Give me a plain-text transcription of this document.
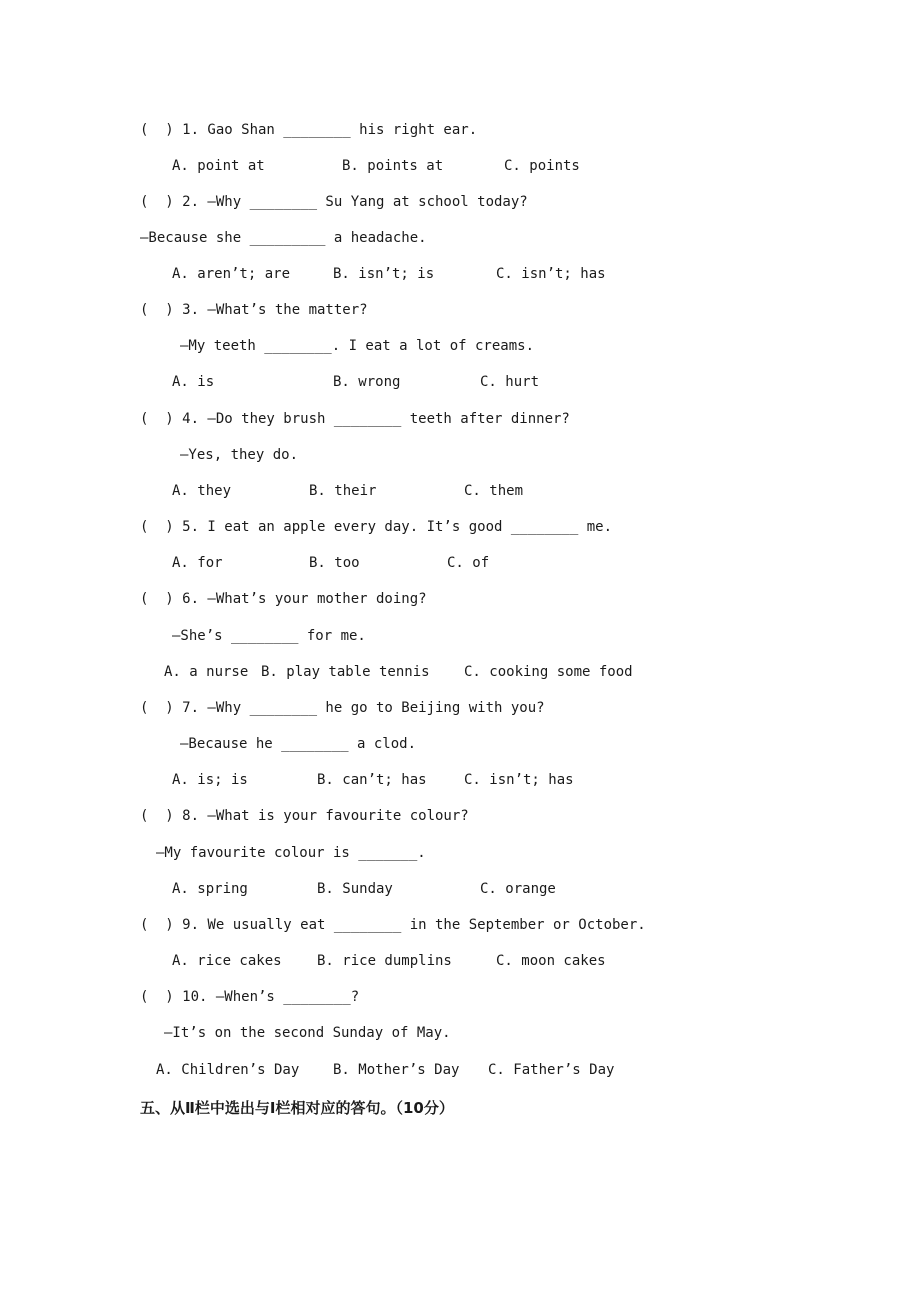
(  ) 1. Gao Shan ________ his right ear.

A. point at

	B. points at

	C. points

(  ) 2. —Why ________ Su Yang at school today?
—Because she _________ a headache.

A. aren’t; are

	B. isn’t; is

	C. isn’t; has

(  ) 3. —What’s the matter?
—My teeth ________. I eat a lot of creams.

A. is

	B. wrong

	C. hurt

(  ) 4. —Do they brush ________ teeth after dinner?
—Yes, they do.

A. they

	B. their

	C. them

(  ) 5. I eat an apple every day. It’s good ________ me.

A. for

	B. too

	C. of

(  ) 6. —What’s your mother doing?
—She’s ________ for me.

A. a nurse

B. play table tennis

C. cooking some food

(  ) 7. —Why ________ he go to Beijing with you?
—Because he ________ a clod.

A. is; is

	B. can’t; has

	C. isn’t; has

(  ) 8. —What is your favourite colour?
—My favourite colour is _______.

A. spring

	B. Sunday

	C. orange

(  ) 9. We usually eat ________ in the September or October.

A. rice cakes

	B. rice dumplins

	C. moon cakes

(  ) 10. —When’s ________?
—It’s on the second Sunday of May.

A. Children’s Day

B. Mother’s Day

C. Father’s Day

五、从Ⅱ栏中选出与Ⅰ栏相对应的答句。（10分）
